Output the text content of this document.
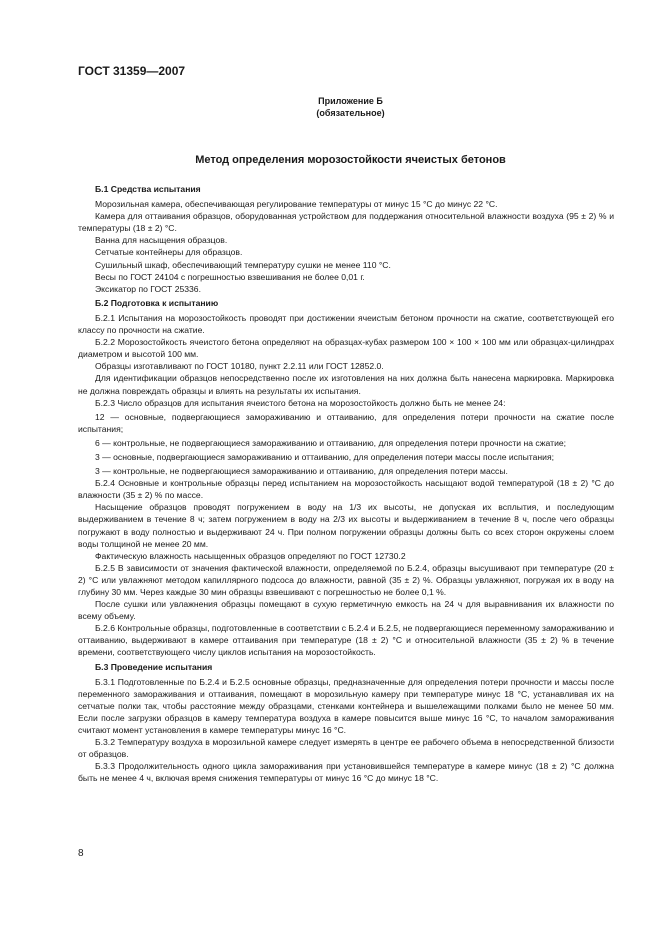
ГОСТ 31359—2007
Приложение Б
(обязательное)
Метод определения морозостойкости ячеистых бетонов
Б.1 Средства испытания

Морозильная камера, обеспечивающая регулирование температуры от минус 15 °С до минус 22 °С.

Камера для оттаивания образцов, оборудованная устройством для поддержания относительной влажности воздуха (95 ± 2) % и температуры (18 ± 2) °С.

Ванна для насыщения образцов.

Сетчатые контейнеры для образцов.

Сушильный шкаф, обеспечивающий температуру сушки не менее 110 °С.

Весы по ГОСТ 24104 с погрешностью взвешивания не более 0,01 г.

Эксикатор по ГОСТ 25336.

Б.2 Подготовка к испытанию

Б.2.1 Испытания на морозостойкость проводят при достижении ячеистым бетоном прочности на сжатие, соответствующей его классу по прочности на сжатие.

Б.2.2 Морозостойкость ячеистого бетона определяют на образцах-кубах размером 100 × 100 × 100 мм или образцах-цилиндрах диаметром и высотой 100 мм.

Образцы изготавливают по ГОСТ 10180, пункт 2.2.11 или ГОСТ 12852.0.

Для идентификации образцов непосредственно после их изготовления на них должна быть нанесена маркировка. Маркировка не должна повреждать образцы и влиять на результаты их испытания.

Б.2.3 Число образцов для испытания ячеистого бетона на морозостойкость должно быть не менее 24:

12 — основные, подвергающиеся замораживанию и оттаиванию, для определения потери прочности на сжатие после испытания;

6 — контрольные, не подвергающиеся замораживанию и оттаиванию, для определения потери прочности на сжатие;

3 — основные, подвергающиеся замораживанию и оттаиванию, для определения потери массы после испытания;

3 — контрольные, не подвергающиеся замораживанию и оттаиванию, для определения потери массы.

Б.2.4 Основные и контрольные образцы перед испытанием на морозостойкость насыщают водой температурой (18 ± 2) °С до влажности (35 ± 2) % по массе.

Насыщение образцов проводят погружением в воду на 1/3 их высоты, не допуская их всплытия, и последующим выдерживанием в течение 8 ч; затем погружением в воду на 2/3 их высоты и выдерживанием в течение 8 ч, после чего образцы погружают в воду полностью и выдерживают 24 ч. При полном погружении образцы должны быть со всех сторон окружены слоем воды толщиной не менее 20 мм.

Фактическую влажность насыщенных образцов определяют по ГОСТ 12730.2

Б.2.5 В зависимости от значения фактической влажности, определяемой по Б.2.4, образцы высушивают при температуре (20 ± 2) °С или увлажняют методом капиллярного подсоса до влажности, равной (35 ± 2) %. Образцы увлажняют, погружая их в воду на глубину 30 мм. Через каждые 30 мин образцы взвешивают с погрешностью не более 0,1 %.

После сушки или увлажнения образцы помещают в сухую герметичную емкость на 24 ч для выравнивания их влажности по всему объему.

Б.2.6 Контрольные образцы, подготовленные в соответствии с Б.2.4 и Б.2.5, не подвергающиеся переменному замораживанию и оттаиванию, выдерживают в камере оттаивания при температуре (18 ± 2) °С и относительной влажности (35 ± 2) % в течение времени, соответствующего числу циклов испытания на морозостойкость.

Б.3 Проведение испытания

Б.3.1 Подготовленные по Б.2.4 и Б.2.5 основные образцы, предназначенные для определения потери прочности и массы после переменного замораживания и оттаивания, помещают в морозильную камеру при температуре минус 18 °С, устанавливая их на сетчатые полки так, чтобы расстояние между образцами, стенками контейнера и вышележащими полками было не менее 50 мм. Если после загрузки образцов в камеру температура воздуха в камере повысится выше минус 16 °С, то началом замораживания считают момент установления в камере температуры минус 16 °С.

Б.3.2 Температуру воздуха в морозильной камере следует измерять в центре ее рабочего объема в непосредственной близости от образцов.

Б.3.3 Продолжительность одного цикла замораживания при установившейся температуре в камере минус (18 ± 2) °С должна быть не менее 4 ч, включая время снижения температуры от минус 16 °С до минус 18 °С.

8
